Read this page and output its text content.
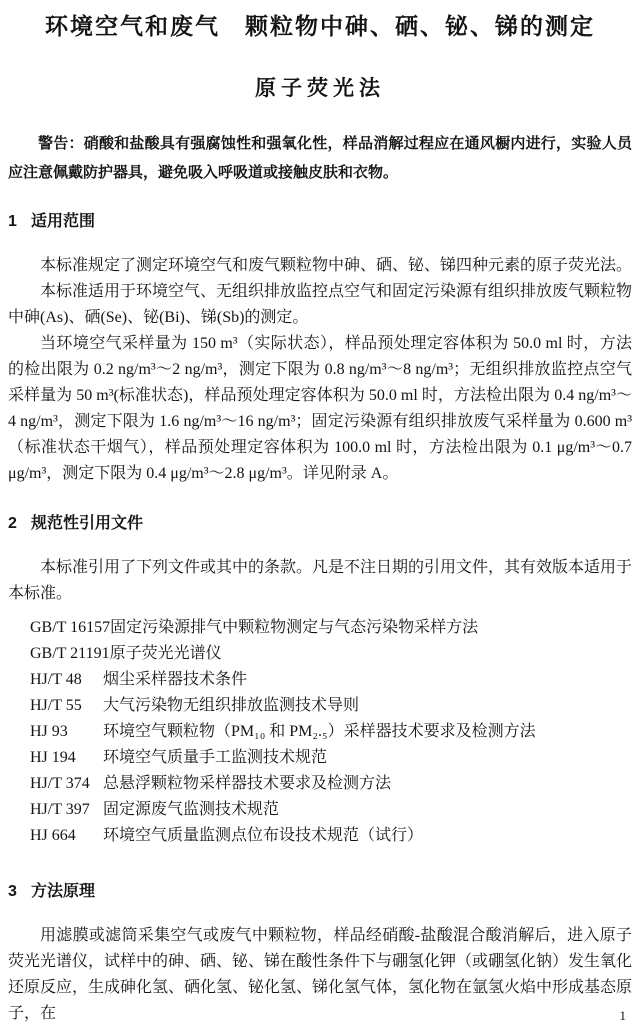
环境空气和废气　颗粒物中砷、硒、铋、锑的测定
原子荧光法

警告：硝酸和盐酸具有强腐蚀性和强氧化性，样品消解过程应在通风橱内进行，实验人员应注意佩戴防护器具，避免吸入呼吸道或接触皮肤和衣物。

1 适用范围

本标准规定了测定环境空气和废气颗粒物中砷、硒、铋、锑四种元素的原子荧光法。

本标准适用于环境空气、无组织排放监控点空气和固定污染源有组织排放废气颗粒物中砷(As)、硒(Se)、铋(Bi)、锑(Sb)的测定。

当环境空气采样量为 150 m³（实际状态），样品预处理定容体积为 50.0 ml 时，方法的检出限为 0.2 ng/m³～2 ng/m³，测定下限为 0.8 ng/m³～8 ng/m³；无组织排放监控点空气采样量为 50 m³(标准状态)，样品预处理定容体积为 50.0 ml 时，方法检出限为 0.4 ng/m³～4 ng/m³，测定下限为 1.6 ng/m³～16 ng/m³；固定污染源有组织排放废气采样量为 0.600 m³（标准状态干烟气），样品预处理定容体积为 100.0 ml 时，方法检出限为 0.1 μg/m³～0.7 μg/m³，测定下限为 0.4 μg/m³～2.8 μg/m³。详见附录 A。

2 规范性引用文件

本标准引用了下列文件或其中的条款。凡是不注日期的引用文件，其有效版本适用于本标准。

GB/T 16157 固定污染源排气中颗粒物测定与气态污染物采样方法
GB/T 21191 原子荧光光谱仪
HJ/T 48	烟尘采样器技术条件
HJ/T 55	大气污染物无组织排放监测技术导则
HJ 93	环境空气颗粒物（PM₁₀ 和 PM₂.₅）采样器技术要求及检测方法
HJ 194	环境空气质量手工监测技术规范
HJ/T 374 总悬浮颗粒物采样器技术要求及检测方法
HJ/T 397 固定源废气监测技术规范
HJ 664	环境空气质量监测点位布设技术规范（试行）
3 方法原理

用滤膜或滤筒采集空气或废气中颗粒物，样品经硝酸-盐酸混合酸消解后，进入原子荧光光谱仪，试样中的砷、硒、铋、锑在酸性条件下与硼氢化钾（或硼氢化钠）发生氧化还原反应，生成砷化氢、硒化氢、铋化氢、锑化氢气体，氢化物在氩氢火焰中形成基态原子，在	1
